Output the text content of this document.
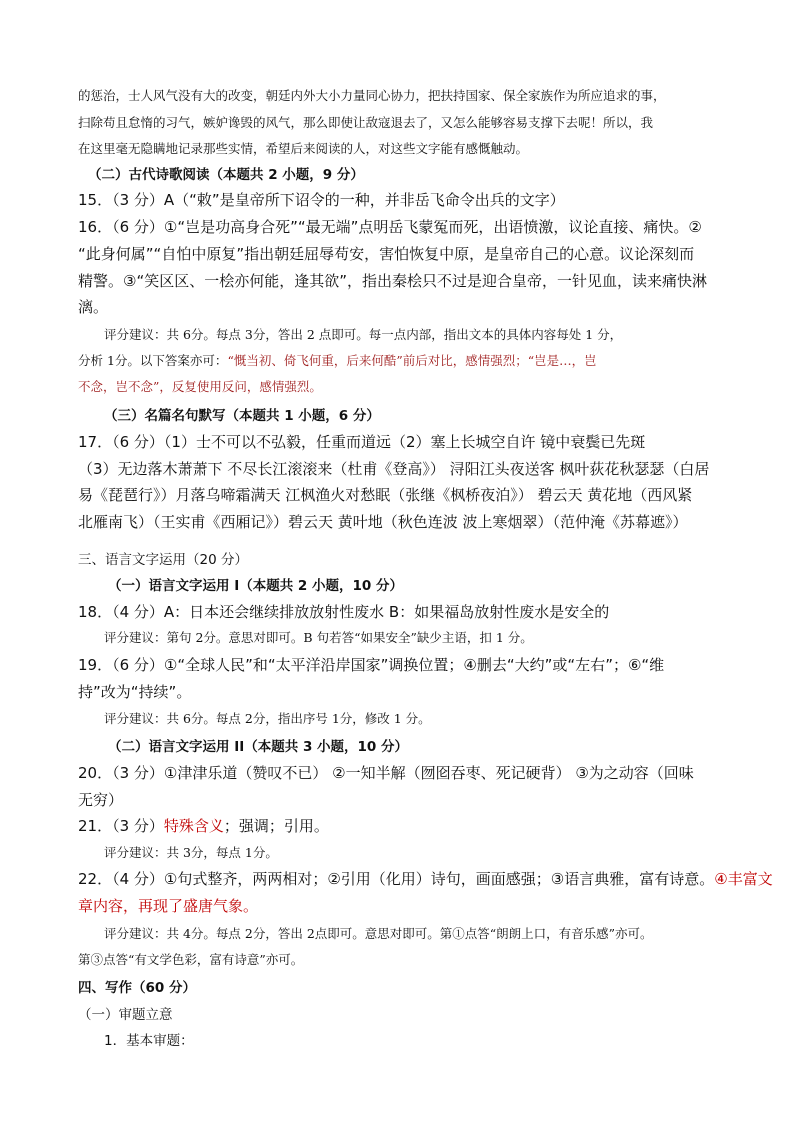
的惩治，士人风气没有大的改变，朝廷内外大小力量同心协力，把扶持国家、保全家族作为所应追求的事，
扫除苟且怠惰的习气，嫉妒谗毁的风气，那么即使让敌寇退去了，又怎么能够容易支撑下去呢！所以，我
在这里毫无隐瞒地记录那些实情，希望后来阅读的人，对这些文字能有感慨触动。
（二）古代诗歌阅读（本题共 2 小题，9 分）
15．（3 分）A（“敕”是皇帝所下诏令的一种，并非岳飞命令出兵的文字）
16．（6 分）①“岂是功高身合死”“最无端”点明岳飞蒙冤而死，出语愤激，议论直接、痛快。②
“此身何属”“自怕中原复”指出朝廷屈辱苟安，害怕恢复中原，是皇帝自己的心意。议论深刻而
精警。③“笑区区、一桧亦何能，逢其欲”，指出秦桧只不过是迎合皇帝，一针见血，读来痛快淋
漓。
评分建议：共 6分。每点 3分，答出 2 点即可。每一点内部，指出文本的具体内容每处 1 分，
分析 1分。以下答案亦可：“慨当初、倚飞何重，后来何酷”前后对比，感情强烈；“岂是…，岂
不念，岂不念”，反复使用反问，感情强烈。
（三）名篇名句默写（本题共 1 小题，6 分）
17．（6 分）（1）士不可以不弘毅，任重而道远（2）塞上长城空自许 镜中衰鬓已先斑
（3）无边落木萧萧下 不尽长江滚滚来（杜甫《登高》） 浔阳江头夜送客 枫叶荻花秋瑟瑟（白居
易《琵琶行》）月落乌啼霜满天 江枫渔火对愁眠（张继《枫桥夜泊》） 碧云天 黄花地（西风紧
北雁南飞）（王实甫《西厢记》）碧云天 黄叶地（秋色连波 波上寒烟翠）（范仲淹《苏幕遮》）
三、语言文字运用（20 分）
（一）语言文字运用 I（本题共 2 小题，10 分）
18．（4 分）A：日本还会继续排放放射性废水 B：如果福岛放射性废水是安全的
评分建议：第句 2分。意思对即可。B 句若答“如果安全”缺少主语，扣 1 分。
19．（6 分）①“全球人民”和“太平洋沿岸国家”调换位置；④删去“大约”或“左右”；⑥“维
持”改为“持续”。
评分建议：共 6分。每点 2分，指出序号 1分，修改 1 分。
（二）语言文字运用 II（本题共 3 小题，10 分）
20．（3 分）①津津乐道（赞叹不已） ②一知半解（囫囵吞枣、死记硬背） ③为之动容（回味
无穷）
21．（3 分）特殊含义；强调；引用。
评分建议：共 3分，每点 1分。
22．（4 分）①句式整齐，两两相对；②引用（化用）诗句，画面感强；③语言典雅，富有诗意。④丰富文
章内容，再现了盛唐气象。
评分建议：共 4分。每点 2分，答出 2点即可。意思对即可。第①点答“朗朗上口，有音乐感”亦可。
第③点答“有文学色彩，富有诗意”亦可。
四、写作（60 分）
（一）审题立意
1．基本审题：
